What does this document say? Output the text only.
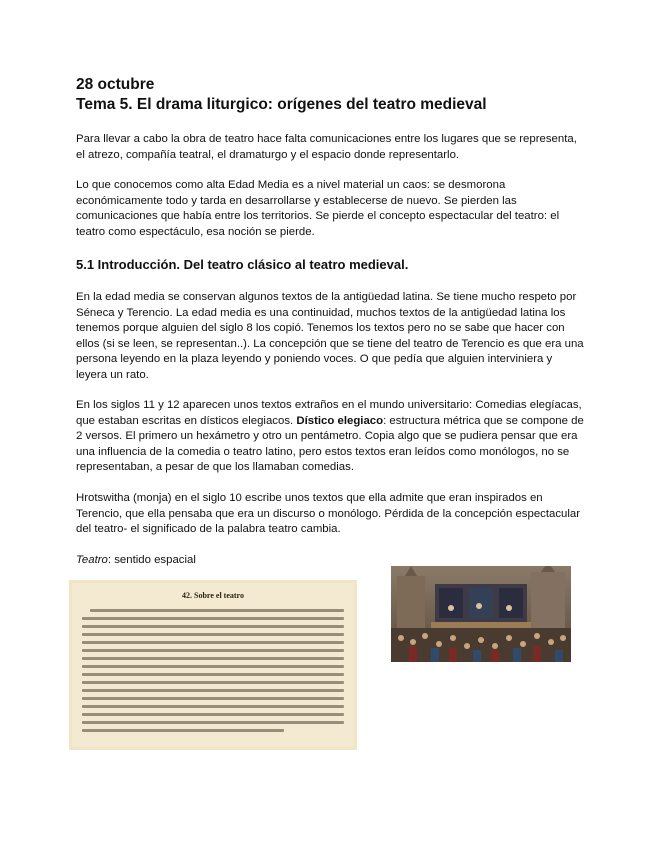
28 octubre
Tema 5. El drama liturgico: orígenes del teatro medieval
Para llevar a cabo la obra de teatro hace falta comunicaciones entre los lugares que se representa, el atrezo, compañía teatral, el dramaturgo y el espacio donde representarlo.
Lo que conocemos como alta Edad Media es a nivel material un caos: se desmorona económicamente todo y tarda en desarrollarse y establecerse de nuevo. Se pierden las comunicaciones que había entre los territorios. Se pierde el concepto espectacular del teatro: el teatro como espectáculo, esa noción se pierde.
5.1 Introducción. Del teatro clásico al teatro medieval.
En la edad media se conservan algunos textos de la antigüedad latina. Se tiene mucho respeto por Séneca y Terencio. La edad media es una continuidad, muchos textos de la antigüedad latina los tenemos porque alguien del siglo 8 los copió. Tenemos los textos pero no se sabe que hacer con ellos (si se leen, se representan..). La concepción que se tiene del teatro de Terencio es que era una persona leyendo en la plaza leyendo y poniendo voces. O que pedía que alguien interviniera y leyera un rato.
En los siglos 11 y 12 aparecen unos textos extraños en el mundo universitario: Comedias elegíacas, que estaban escritas en dísticos elegiacos. Dístico elegiaco: estructura métrica que se compone de 2 versos. El primero un hexámetro y otro un pentámetro. Copia algo que se pudiera pensar que era una influencia de la comedia o teatro latino, pero estos textos eran leídos como monólogos, no se representaban, a pesar de que los llamaban comedias.
Hrotswitha (monja) en el siglo 10 escribe unos textos que ella admite que eran inspirados en Terencio, que ella pensaba que era un discurso o monólogo. Pérdida de la concepción espectacular del teatro- el significado de la palabra teatro cambia.
Teatro: sentido espacial
42. Sobre el teatro
